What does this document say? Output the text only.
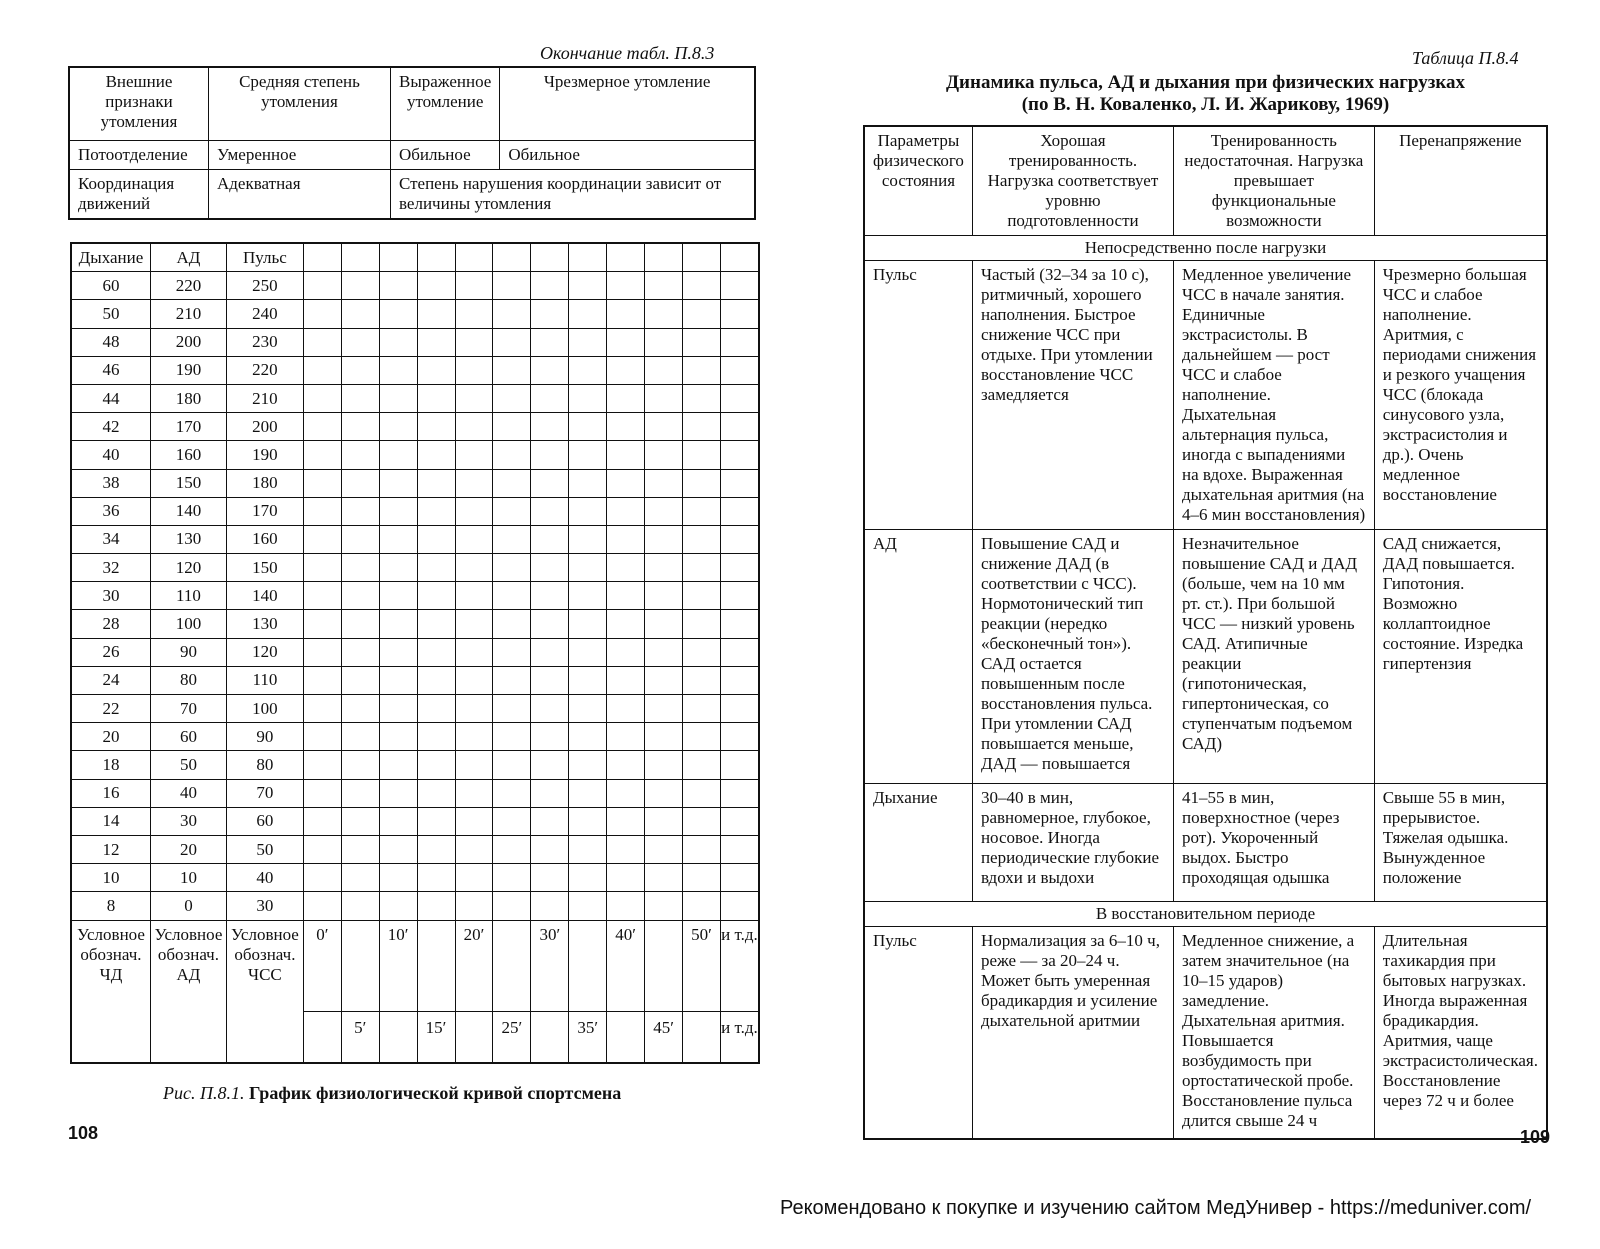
Окончание табл. П.8.3
Внешние признаки утомления	Средняя степень утомления	Выраженное утомление	Чрезмерное утомление
Потоотделение	Умеренное	Обильное	Обильное
Координация движений	Адекватная	Степень нарушения координации зависит от величины утомления	
Дыхание	АД	Пульс												
60	220	250												
50	210	240												
48	200	230												
46	190	220												
44	180	210												
42	170	200												
40	160	190												
38	150	180												
36	140	170												
34	130	160												
32	120	150												
30	110	140												
28	100	130												
26	90	120												
24	80	110												
22	70	100												
20	60	90												
18	50	80												
16	40	70												
14	30	60												
12	20	50												
10	10	40												
8	0	30												
Условное обознач. ЧД	Условное обознач. АД	Условное обознач. ЧСС	0′		10′		20′		30′		40′		50′	и т.д.
				5′		15′		25′		35′		45′		и т.д.
Рис. П.8.1. График физиологической кривой спортсмена
108
Таблица П.8.4
Динамика пульса, АД и дыхания при физических нагрузках
(по В. Н. Коваленко, Л. И. Жарикову, 1969)
Параметры физического состояния	Хорошая тренированность. Нагрузка соответствует уровню подготовленности	Тренированность недостаточная. Нагрузка превышает функциональные возможности	Перенапряжение
Непосредственно после нагрузки			
Пульс	Частый (32–34 за 10 с), ритмичный, хорошего наполнения. Быстрое снижение ЧСС при отдыхе. При утомлении восстановление ЧСС замедляется	Медленное увеличение ЧСС в начале занятия. Единичные экстрасистолы. В дальнейшем — рост ЧСС и слабое наполнение. Дыхательная альтернация пульса, иногда с выпадениями на вдохе. Выраженная дыхательная аритмия (на 4–6 мин восстановления)	Чрезмерно большая ЧСС и слабое наполнение. Аритмия, с периодами снижения и резкого учащения ЧСС (блокада синусового узла, экстрасистолия и др.). Очень медленное восстановление
АД	Повышение САД и снижение ДАД (в соответствии с ЧСС). Нормотонический тип реакции (нередко «бесконечный тон»). САД остается повышенным после восстановления пульса. При утомлении САД повышается меньше, ДАД — повышается	Незначительное повышение САД и ДАД (больше, чем на 10 мм рт. ст.). При большой ЧСС — низкий уровень САД. Атипичные реакции (гипотоническая, гипертоническая, со ступенчатым подъемом САД)	САД снижается, ДАД повышается. Гипотония. Возможно коллаптоидное состояние. Изредка гипертензия
Дыхание	30–40 в мин, равномерное, глубокое, носовое. Иногда периодические глубокие вдохи и выдохи	41–55 в мин, поверхностное (через рот). Укороченный выдох. Быстро проходящая одышка	Свыше 55 в мин, прерывистое. Тяжелая одышка. Вынужденное положение
В восстановительном периоде			
Пульс	Нормализация за 6–10 ч, реже — за 20–24 ч. Может быть умеренная брадикардия и усиление дыхательной аритмии	Медленное снижение, а затем значительное (на 10–15 ударов) замедление. Дыхательная аритмия. Повышается возбудимость при ортостатической пробе. Восстановление пульса длится свыше 24 ч	Длительная тахикардия при бытовых нагрузках. Иногда выраженная брадикардия. Аритмия, чаще экстрасистолическая. Восстановление через 72 ч и более
109
Рекомендовано к покупке и изучению сайтом МедУнивер - https://meduniver.com/
